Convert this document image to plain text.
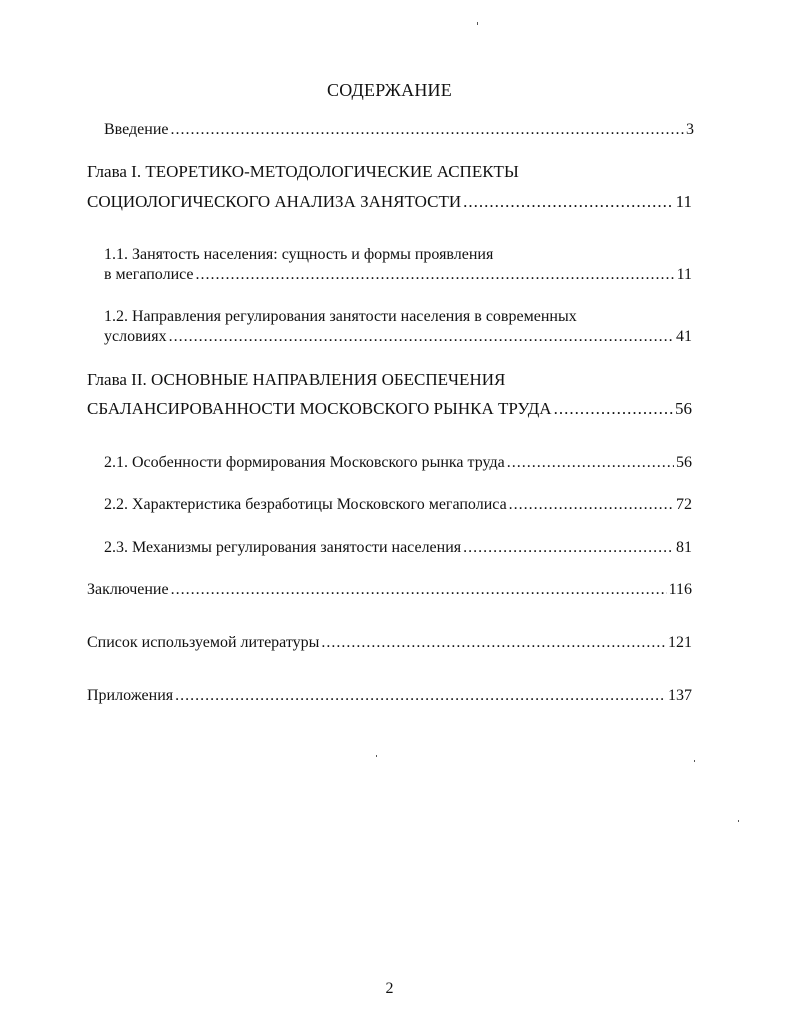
СОДЕРЖАНИЕ
Введение .....	3
Глава I. ТЕОРЕТИКО-МЕТОДОЛОГИЧЕСКИЕ АСПЕКТЫ
СОЦИОЛОГИЧЕСКОГО АНАЛИЗА ЗАНЯТОСТИ .....	11
1.1. Занятость населения: сущность и формы проявления
в мегаполисе .....	11
1.2. Направления регулирования занятости населения в современных
условиях .....	41
Глава II. ОСНОВНЫЕ НАПРАВЛЕНИЯ ОБЕСПЕЧЕНИЯ
СБАЛАНСИРОВАННОСТИ МОСКОВСКОГО РЫНКА ТРУДА .....	56
2.1. Особенности формирования Московского рынка труда .....	56
2.2. Характеристика безработицы Московского мегаполиса .....	72
2.3. Механизмы регулирования занятости населения .....	81
Заключение .....	116
Список используемой литературы .....	121
Приложения .....	137
2
